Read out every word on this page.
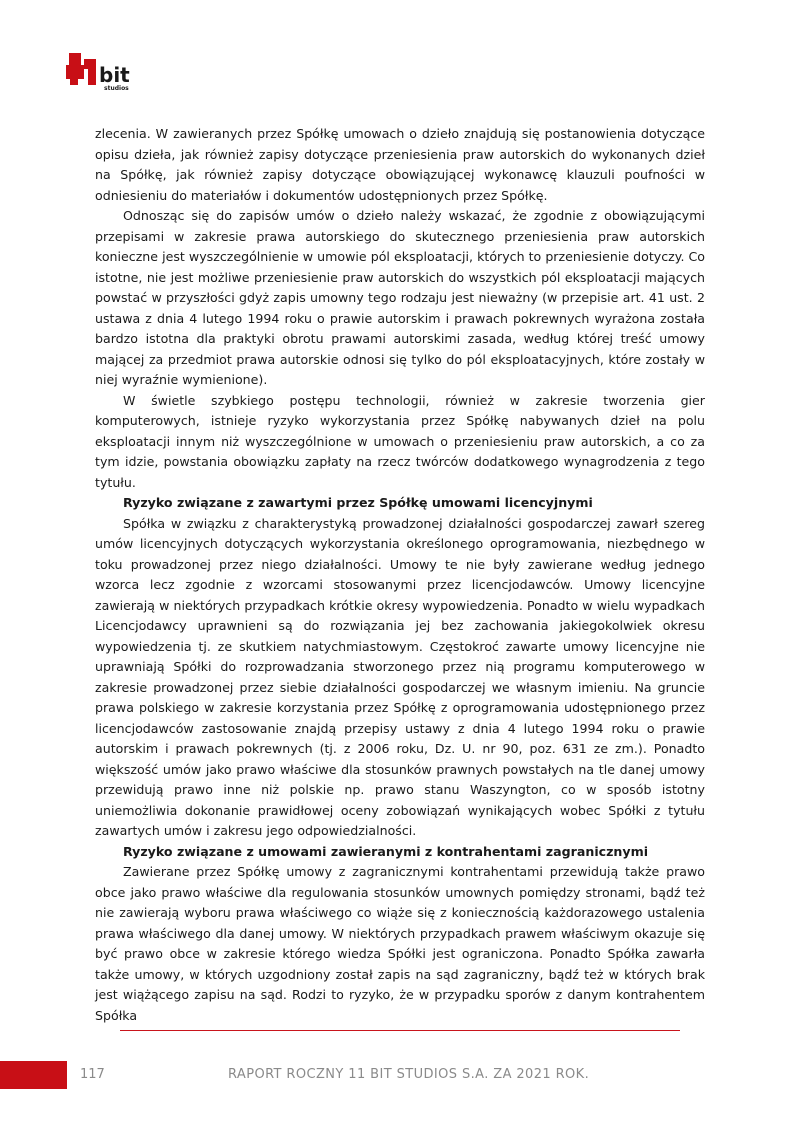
bit
studios

zlecenia. W zawieranych przez Spółkę umowach o dzieło znajdują się postanowienia dotyczące opisu dzieła, jak również zapisy dotyczące przeniesienia praw autorskich do wykonanych dzieł na Spółkę, jak również zapisy dotyczące obowiązującej wykonawcę klauzuli poufności w odniesieniu do materiałów i dokumentów udostępnionych przez Spółkę.

Odnosząc się do zapisów umów o dzieło należy wskazać, że zgodnie z obowiązującymi przepisami w zakresie prawa autorskiego do skutecznego przeniesienia praw autorskich konieczne jest wyszczególnienie w umowie pól eksploatacji, których to przeniesienie dotyczy. Co istotne, nie jest możliwe przeniesienie praw autorskich do wszystkich pól eksploatacji mających powstać w przyszłości gdyż zapis umowny tego rodzaju jest nieważny (w przepisie art. 41 ust. 2 ustawa z dnia 4 lutego 1994 roku o prawie autorskim i prawach pokrewnych wyrażona została bardzo istotna dla praktyki obrotu prawami autorskimi zasada, według której treść umowy mającej za przedmiot prawa autorskie odnosi się tylko do pól eksploatacyjnych, które zostały w niej wyraźnie wymienione).

W świetle szybkiego postępu technologii, również w zakresie tworzenia gier komputerowych, istnieje ryzyko wykorzystania przez Spółkę nabywanych dzieł na polu eksploatacji innym niż wyszczególnione w umowach o przeniesieniu praw autorskich, a co za tym idzie, powstania obowiązku zapłaty na rzecz twórców dodatkowego wynagrodzenia z tego tytułu.

Ryzyko związane z zawartymi przez Spółkę umowami licencyjnymi

Spółka w związku z charakterystyką prowadzonej działalności gospodarczej zawarł szereg umów licencyjnych dotyczących wykorzystania określonego oprogramowania, niezbędnego w toku prowadzonej przez niego działalności. Umowy te nie były zawierane według jednego wzorca lecz zgodnie z wzorcami stosowanymi przez licencjodawców. Umowy licencyjne zawierają w niektórych przypadkach krótkie okresy wypowiedzenia. Ponadto w wielu wypadkach Licencjodawcy uprawnieni są do rozwiązania jej bez zachowania jakiegokolwiek okresu wypowiedzenia tj. ze skutkiem natychmiastowym. Częstokroć zawarte umowy licencyjne nie uprawniają Spółki do rozprowadzania stworzonego przez nią programu komputerowego w zakresie prowadzonej przez siebie działalności gospodarczej we własnym imieniu. Na gruncie prawa polskiego w zakresie korzystania przez Spółkę z oprogramowania udostępnionego przez licencjodawców zastosowanie znajdą przepisy ustawy z dnia 4 lutego 1994 roku o prawie autorskim i prawach pokrewnych (tj. z 2006 roku, Dz. U. nr 90, poz. 631 ze zm.). Ponadto większość umów jako prawo właściwe dla stosunków prawnych powstałych na tle danej umowy przewidują prawo inne niż polskie np. prawo stanu Waszyngton, co w sposób istotny uniemożliwia dokonanie prawidłowej oceny zobowiązań wynikających wobec Spółki z tytułu zawartych umów i zakresu jego odpowiedzialności.

Ryzyko związane z umowami zawieranymi z kontrahentami zagranicznymi

Zawierane przez Spółkę umowy z zagranicznymi kontrahentami przewidują także prawo obce jako prawo właściwe dla regulowania stosunków umownych pomiędzy stronami, bądź też nie zawierają wyboru prawa właściwego co wiąże się z koniecznością każdorazowego ustalenia prawa właściwego dla danej umowy. W niektórych przypadkach prawem właściwym okazuje się być prawo obce w zakresie którego wiedza Spółki jest ograniczona. Ponadto Spółka zawarła także umowy, w których uzgodniony został zapis na sąd zagraniczny, bądź też w których brak jest wiążącego zapisu na sąd. Rodzi to ryzyko, że w przypadku sporów z danym kontrahentem Spółka

117	RAPORT ROCZNY 11 BIT STUDIOS S.A. ZA 2021 ROK.
